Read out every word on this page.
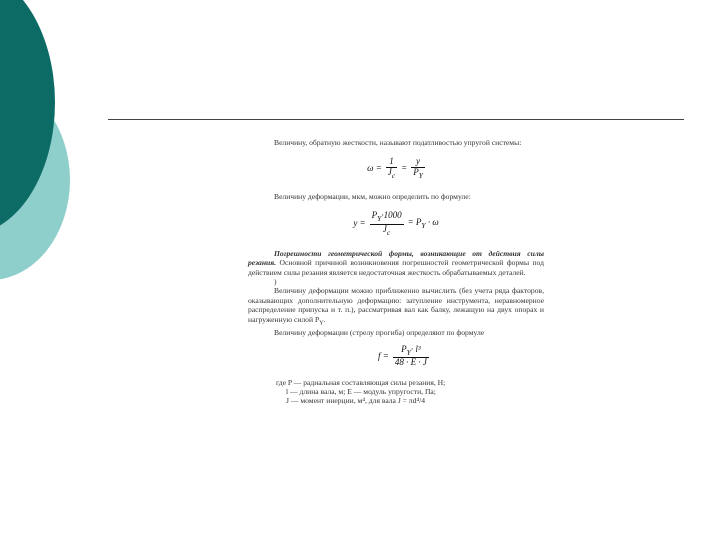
Величину, обратную жесткости, называют податливостью упругой системы:
$\omega = \frac{1}{J_c} = \frac{y}{P_Y}$
Величину деформации, мкм, можно определить по формуле:
$y = \frac{P_Y\cdot 1000}{J_c} = P_Y \cdot \omega$
Погрешности геометрической формы, возникающие от действия силы резания. Основной причиной возникновения погрешностей геометрической формы под действием силы резания является недостаточная жесткость обрабатываемых деталей.
)
Величину деформации можно приближенно вычислить (без учета ряда факторов, оказывающих дополнительную деформацию: затупление инструмента, неравномерное распределение припуска и т. п.), рассматривая вал как балку, лежащую на двух опорах и нагруженную силой $P_Y$.
Величину деформации (стрелу прогиба) определяют по формуле
$f = \frac{P_Y\cdot l^3}{48 \cdot E \cdot J}$
где P — радиальная составляющая силы резания, Н;
l — длина вала, м; E — модуль упругости, Па;
J — момент инерции, м⁴, для вала J = πd⁴/4
